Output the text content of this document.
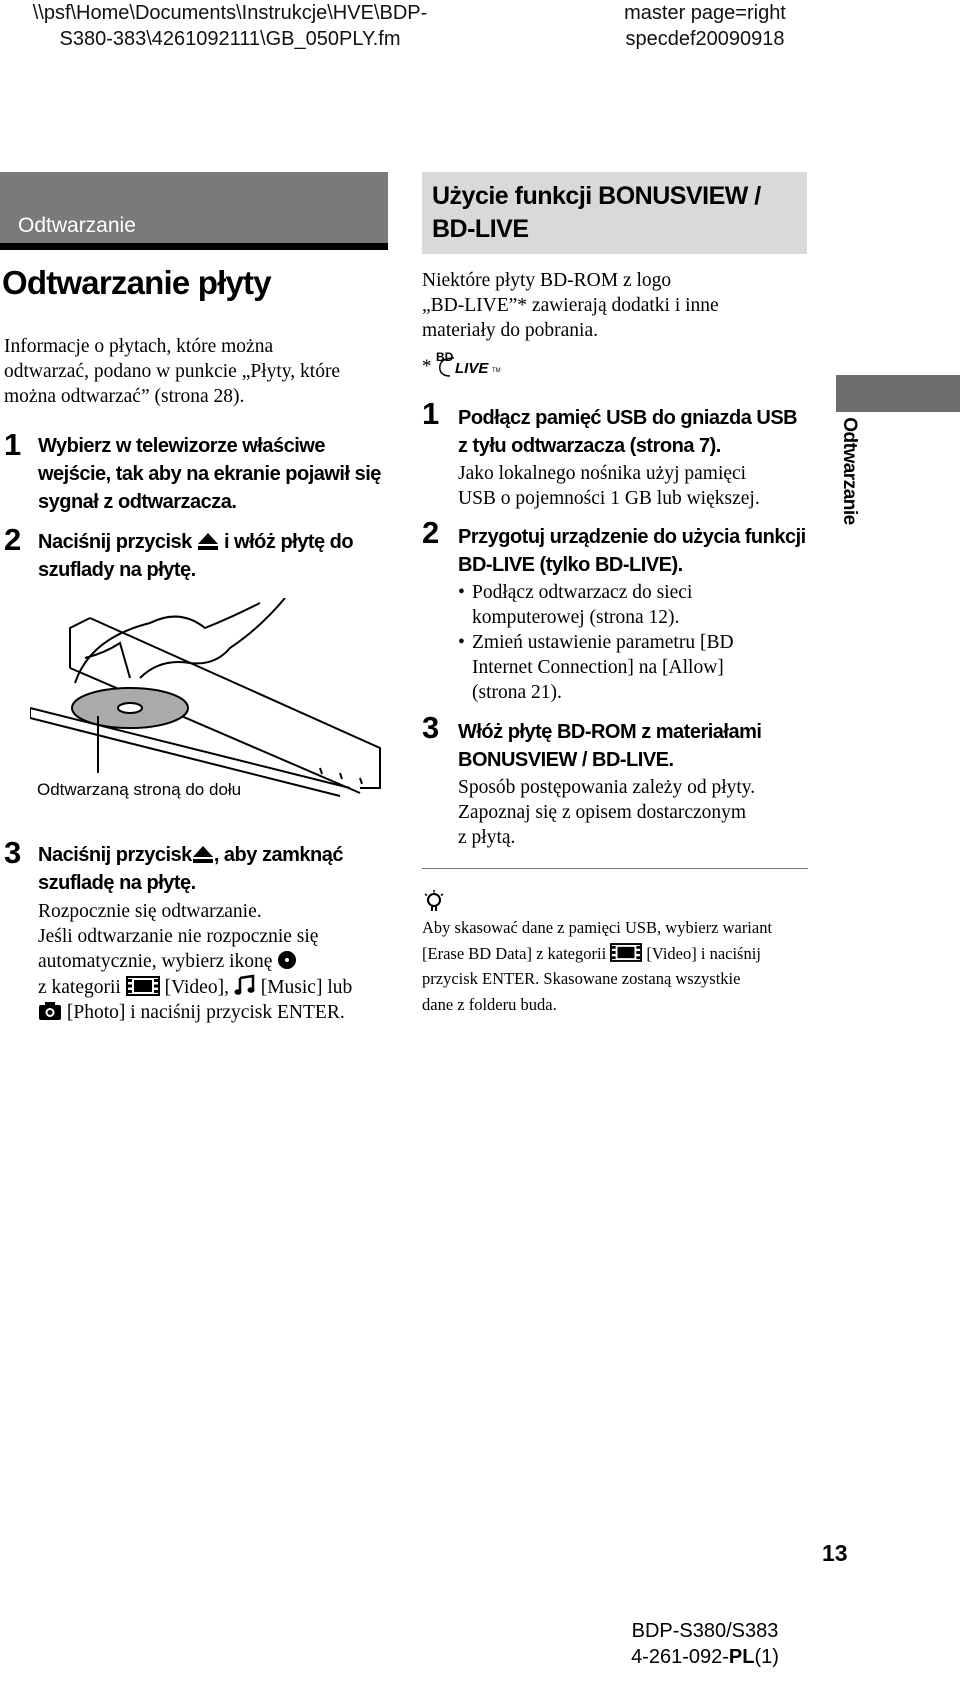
\\psf\Home\Documents\Instrukcje\HVE\BDP-
S380-383\4261092111\GB_050PLY.fm
master page=right
specdef20090918
Odtwarzanie
Odtwarzanie płyty
Informacje o płytach, które można
odtwarzać, podano w punkcie „Płyty, które
można odtwarzać” (strona 28).
1 Wybierz w telewizorze właściwe
wejście, tak aby na ekranie pojawił się
sygnał z odtwarzacza.
2 Naciśnij przycisk i włóż płytę do
szuflady na płytę.
Odtwarzaną stroną do dołu
3 Naciśnij przycisk , aby zamknąć
szufladę na płytę.
Rozpocznie się odtwarzanie.
Jeśli odtwarzanie nie rozpocznie się
automatycznie, wybierz ikonę
z kategorii [Video], [Music] lub
[Photo] i naciśnij przycisk ENTER.
Użycie funkcji BONUSVIEW /
BD-LIVE
Niektóre płyty BD-ROM z logo
„BD-LIVE”* zawierają dodatki i inne
materiały do pobrania.
* BD
LIVE TM
1 Podłącz pamięć USB do gniazda USB
z tyłu odtwarzacza (strona 7).
Jako lokalnego nośnika użyj pamięci
USB o pojemności 1 GB lub większej.
2 Przygotuj urządzenie do użycia funkcji
BD-LIVE (tylko BD-LIVE).
• Podłącz odtwarzacz do sieci
komputerowej (strona 12).
• Zmień ustawienie parametru [BD
Internet Connection] na [Allow]
(strona 21).
3 Włóż płytę BD-ROM z materiałami
BONUSVIEW / BD-LIVE.
Sposób postępowania zależy od płyty.
Zapoznaj się z opisem dostarczonym
z płytą.
Aby skasować dane z pamięci USB, wybierz wariant
[Erase BD Data] z kategorii [Video] i naciśnij
przycisk ENTER. Skasowane zostaną wszystkie
dane z folderu buda.
Odtwarzanie
13
BDP-S380/S383
4-261-092-PL(1)
